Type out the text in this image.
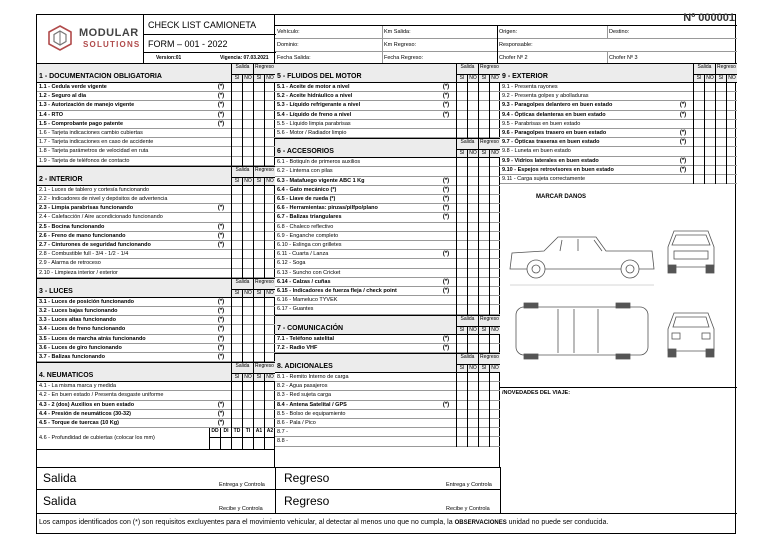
MODULAR
SOLUTIONS
CHECK LIST CAMIONETA
FORM – 001 - 2022
Version:01	Vigencia: 07.03.2021
Nº 000001
Vehículo:	Km Salida:	Origen:	Destino:
Dominio:	Km Regreso:	Responsable:
Fecha Salida:	Fecha Regreso:	Chofer Nº 2	Chofer Nº 3
1 - DOCUMENTACION OBLIGATORIA
Salida	Regreso
SI NO SI NO
1.1 - Cedula verde vigente	(*)
1.2 - Seguro al dia	(*)
1.3 - Autorización de manejo vigente	(*)
1.4 - RTO	(*)
1.5 - Comprobante pago patente	(*)
1.6 - Tarjeta indicaciones cambio cubiertas
1.7 - Tarjeta indicaciones en caso de accidente
1.8 - Tarjeta parámetros de velocidad en ruta
1.9 - Tarjeta de teléfonos de contacto
2 - INTERIOR
Salida	Regreso
SI NO SI NO
2.1 - Luces de tablero y cortesía funcionando
2.2 - Indicadores de nivel y depósitos de advertencia
2.3 - Limpia parabrisas funcionando	(*)
2.4 - Calefacción / Aire acondicionado funcionando
2.5 - Bocina funcionando	(*)
2.6 - Freno de mano funcionando	(*)
2.7 - Cinturones de seguridad funcionando	(*)
2.8 - Combustible full - 3/4 - 1/2 - 1/4
2.9 - Alarma de retroceso
2.10 - Limpieza interior / exterior
3 - LUCES
Salida	Regreso
SI NO SI NO
3.1 - Luces de posición funcionando	(*)
3.2 - Luces bajas funcionando	(*)
3.3 - Luces altas funcionando	(*)
3.4 - Luces de freno funcionando	(*)
3.5 - Luces de marcha atrás funcionando	(*)
3.6 - Luces de giro funcionando	(*)
3.7 - Balizas funcionando	(*)
4. NEUMATICOS
Salida	Regreso
SI NO SI NO
4.1 - La misma marca y medida
4.2 - En buen estado / Presenta desgaste uniforme
4.3 - 2 (dos) Auxilios en buen estado	(*)
4.4 - Presión de neumáticos (30-32)	(*)
4.5 - Torque de tuercas (10 Kg)	(*)
4.6 - Profundidad de cubiertas (colocar los mm)
DD DI	TD	TI	A1 A2
5 - FLUIDOS DEL MOTOR
Salida	Regreso
SI NO SI NO
5.1 - Aceite de motor a nivel	(*)
5.2 - Aceite hidráulico a nivel	(*)
5.3 - Líquido refrigerante a nivel	(*)
5.4 - Líquido de freno a nivel	(*)
5.5 - Líquido limpia parabrisas
5.6 - Motor / Radiador limpio
6 - ACCESORIOS
Salida	Regreso
SI NO SI NO
6.1 - Botiquín de primeros auxilios
6.2 - Linterna con pilas
6.3 - Matafuego vigente ABC 1 Kg	(*)
6.4 - Gato mecánico (*)	(*)
6.5 - Llave de rueda (*)	(*)
6.6 - Herramientas: pinzas/pilfpo/plano	(*)
6.7 - Balizas triangulares	(*)
6.8 - Chaleco reflectivo
6.9 - Enganche completo
6.10 - Eslinga con grilletes
6.11 - Cuarta / Lanza	(*)
6.12 - Soga
6.13 - Suncho con Cricket
6.14 - Calzas / cuñas	(*)
6.15 - Indicadores de fuerza fleja / check point	(*)
6.16 - Mameluco TYVEK
6.17 - Guantes
7 - COMUNICACIÓN
Salida	Regreso
SI NO SI NO
7.1 - Teléfono satelital	(*)
7.2 - Radio VHF	(*)
8. ADICIONALES
Salida	Regreso
SI NO SI NO
8.1 - Remito Interno de carga
8.2 - Agua pasajeros
8.3 - Red sujeta carga
8.4 - Antena Satelital / GPS	(*)
8.5 - Bolso de equipamiento
8.6 - Pala / Pico
8.7 -
8.8 -
MARCAR DAÑOS
/NOVEDADES DEL VIAJE:
9 - EXTERIOR
Salida	Regreso
SI NO SI NO
9.1 - Presenta rayones
9.2 - Presenta golpes y abolladuras
9.3 - Paragolpes delantero en buen estado	(*)
9.4 - Ópticas delanteras en buen estado	(*)
9.5 - Parabrisas en buen estado
9.6 - Paragolpes trasero en buen estado	(*)
9.7 - Ópticas traseras en buen estado	(*)
9.8 - Luneta en buen estado
9.9 - Vidrios laterales en buen estado	(*)
9.10 - Espejos retrovisores en buen estado	(*)
9.11 - Carga sujeta correctamente
Salida	Entrega y Controla Regreso	Entrega y Controla
Salida
Recibe y Controla
Regreso
Recibe y Controla
Los campos identificados con (*) son requisitos excluyentes para el movimiento vehicular, al detectar al menos uno que no cumpla, la OBSERVACIONES unidad no puede ser conducida.
